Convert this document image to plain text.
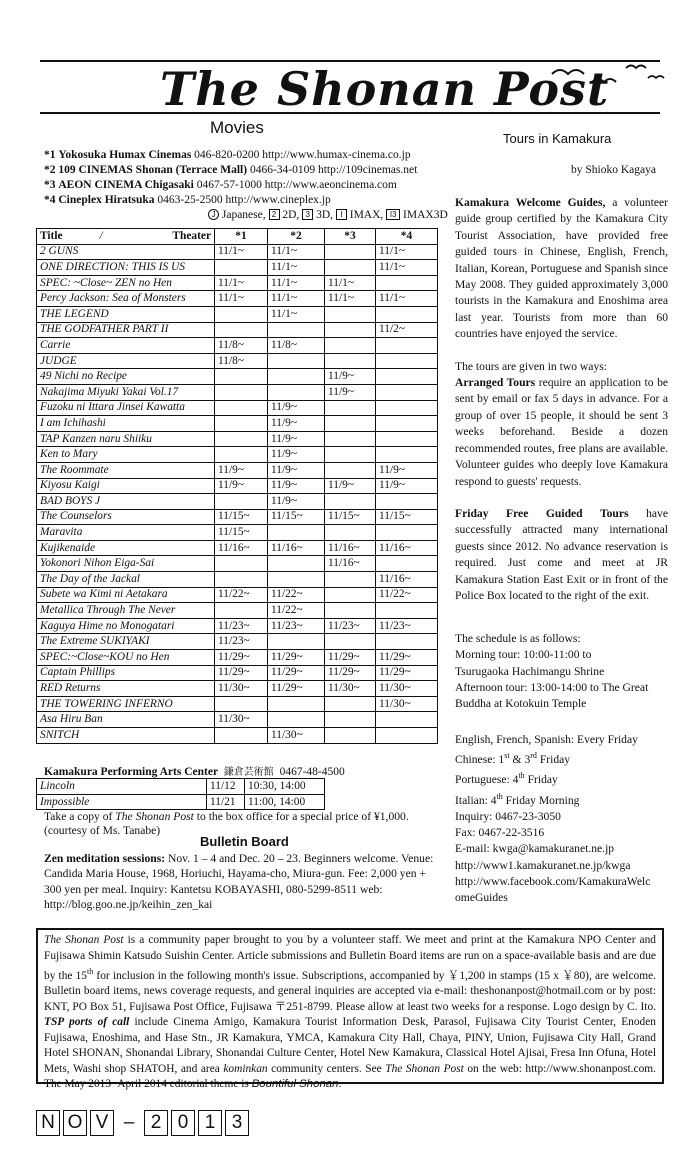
The Shonan Post
Movies
*1 Yokosuka Humax Cinemas 046-820-0200 http://www.humax-cinema.co.jp
*2 109 CINEMAS Shonan (Terrace Mall) 0466-34-0109 http://109cinemas.net
*3 AEON CINEMA Chigasaki 0467-57-1000 http://www.aeoncinema.com
*4 Cineplex Hiratsuka 0463-25-2500 http://www.cineplex.jp
J Japanese, 2 2D, 3 3D, I IMAX, I3 IMAX3D
Title / Theater	*1	*2	*3	*4
2 GUNS	11/1~	11/1~		11/1~
ONE DIRECTION: THIS IS US		11/1~		11/1~
SPEC: ~Close~ ZEN no Hen	11/1~	11/1~	11/1~	
Percy Jackson: Sea of Monsters	11/1~	11/1~	11/1~	11/1~
THE LEGEND		11/1~		
THE GODFATHER PART II				11/2~
Carrie	11/8~	11/8~		
JUDGE	11/8~			
49 Nichi no Recipe			11/9~	
Nakajima Miyuki Yakai Vol.17			11/9~	
Fuzoku ni Ittara Jinsei Kawatta		11/9~		
I am Ichihashi		11/9~		
TAP Kanzen naru Shiiku		11/9~		
Ken to Mary		11/9~		
The Roommate	11/9~	11/9~		11/9~
Kiyosu Kaigi	11/9~	11/9~	11/9~	11/9~
BAD BOYS J		11/9~		
The Counselors	11/15~	11/15~	11/15~	11/15~
Maravita	11/15~			
Kujikenaide	11/16~	11/16~	11/16~	11/16~
Yokonori Nihon Eiga-Sai			11/16~	
The Day of the Jackal				11/16~
Subete wa Kimi ni Aetakara	11/22~	11/22~		11/22~
Metallica Through The Never		11/22~		
Kaguya Hime no Monogatari	11/23~	11/23~	11/23~	11/23~
The Extreme SUKIYAKI	11/23~			
SPEC:~Close~KOU no Hen	11/29~	11/29~	11/29~	11/29~
Captain Phillips	11/29~	11/29~	11/29~	11/29~
RED Returns	11/30~	11/29~	11/30~	11/30~
THE TOWERING INFERNO				11/30~
Asa Hiru Ban	11/30~			
SNITCH		11/30~		
Kamakura Performing Arts Center 鎌倉芸術館 0467-48-4500
Lincoln	11/12	10:30, 14:00
Impossible	11/21	11:00, 14:00
Take a copy of The Shonan Post to the box office for a special price of ¥1,000. (courtesy of Ms. Tanabe)
Bulletin Board
Zen meditation sessions: Nov. 1 – 4 and Dec. 20 – 23. Beginners welcome. Venue: Candida Maria House, 1968, Horiuchi, Hayama-cho, Miura-gun. Fee: 2,000 yen + 300 yen per meal. Inquiry: Kantetsu KOBAYASHI, 080-5299-8511 web: http://blog.goo.ne.jp/keihin_zen_kai
Tours in Kamakura
by Shioko Kagaya

Kamakura Welcome Guides, a volunteer guide group certified by the Kamakura City Tourist Association, have provided free guided tours in Chinese, English, French, Italian, Korean, Portuguese and Spanish since May 2008. They guided approximately 3,000 tourists in the Kamakura and Enoshima area last year. Tourists from more than 60 countries have enjoyed the service.

The tours are given in two ways:

Arranged Tours require an application to be sent by email or fax 5 days in advance. For a group of over 15 people, it should be sent 3 weeks beforehand. Beside a dozen recommended routes, free plans are available. Volunteer guides who deeply love Kamakura respond to guests' requests.

Friday Free Guided Tours have successfully attracted many international guests since 2012. No advance reservation is required. Just come and meet at JR Kamakura Station East Exit or in front of the Police Box located to the right of the exit.

The schedule is as follows:
Morning tour: 10:00-11:00 to
Tsurugaoka Hachimangu Shrine
Afternoon tour: 13:00-14:00 to The Great
Buddha at Kotokuin Temple
English, French, Spanish: Every Friday
Chinese: 1st & 3rd Friday
Portuguese: 4th Friday
Italian: 4th Friday Morning
Inquiry: 0467-23-3050
Fax: 0467-22-3516
E-mail: kwga@kamakuranet.ne.jp
http://www1.kamakuranet.ne.jp/kwga
http://www.facebook.com/KamakuraWelc
omeGuides
The Shonan Post is a community paper brought to you by a volunteer staff. We meet and print at the Kamakura NPO Center and Fujisawa Shimin Katsudo Suishin Center. Article submissions and Bulletin Board items are run on a space-available basis and are due by the 15th for inclusion in the following month's issue. Subscriptions, accompanied by ￥1,200 in stamps (15 x ￥80), are welcome. Bulletin board items, news coverage requests, and general inquiries are accepted via e-mail: theshonanpost@hotmail.com or by post: KNT, PO Box 51, Fujisawa Post Office, Fujisawa 〒251-8799. Please allow at least two weeks for a response. Logo design by C. Ito. TSP ports of call include Cinema Amigo, Kamakura Tourist Information Desk, Parasol, Fujisawa City Tourist Center, Enoden Fujisawa, Enoshima, and Hase Stn., JR Kamakura, YMCA, Kamakura City Hall, Chaya, PINY, Union, Fujisawa City Hall, Grand Hotel SHONAN, Shonandai Library, Shonandai Culture Center, Hotel New Kamakura, Classical Hotel Ajisai, Fresa Inn Ofuna, Hotel Mets, Washi shop SHATOH, and area kominkan community centers. See The Shonan Post on the web: http://www.shonanpost.com. The May 2013~April 2014 editorial theme is Bountiful Shonan.
N O V – 2 0 1 3
